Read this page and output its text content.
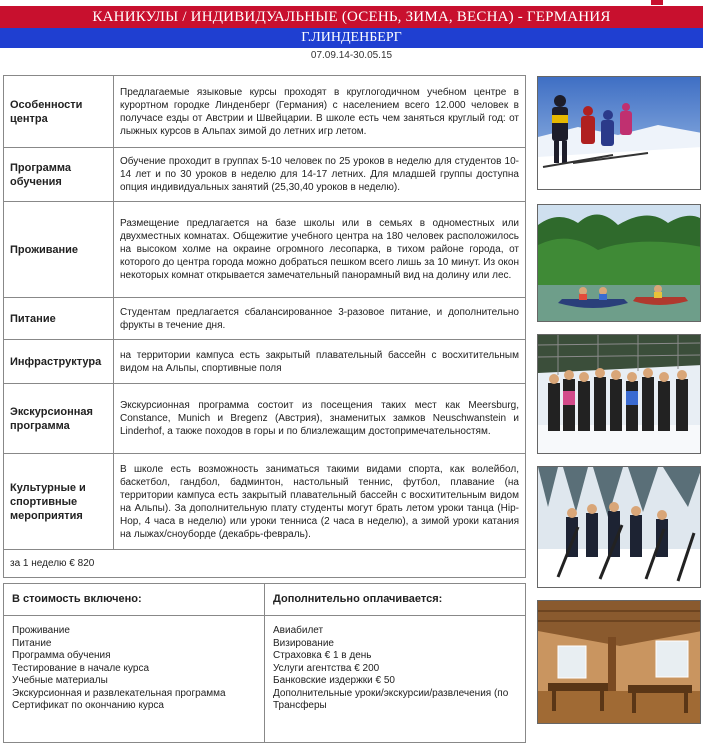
КАНИКУЛЫ / ИНДИВИДУАЛЬНЫЕ (ОСЕНЬ, ЗИМА, ВЕСНА) - ГЕРМАНИЯ
Г.ЛИНДЕНБЕРГ
07.09.14-30.05.15
Особенности центра	Предлагаемые языковые курсы проходят в круглогодичном учебном центре в курортном городке Линденберг (Германия) с населением всего 12.000 человек в получасе езды от Австрии и Швейцарии. В школе есть чем заняться круглый год: от лыжных курсов в Альпах зимой до летних игр летом.
Программа обучения	Обучение проходит в группах 5-10 человек по 25 уроков в неделю для студентов 10-14 лет и по 30 уроков в неделю для 14-17 летних. Для младшей группы доступна опция индивидуальных занятий (25,30,40 уроков в неделю).
Проживание	Размещение предлагается на базе школы или в семьях в одноместных или двухместных комнатах. Общежитие учебного центра на 180 человек расположилось на высоком холме на окраине огромного лесопарка, в тихом районе города, от которого до центра города можно добраться пешком всего лишь за 10 минут. Из окон некоторых комнат открывается замечательный панорамный вид на долину или лес.
Питание	Студентам предлагается сбалансированное 3-разовое питание, и дополнительно фрукты в течение дня.
Инфраструктура	на территории кампуса есть закрытый плавательный бассейн с восхитительным видом на Альпы, спортивные поля
Экскурсионная программа	Экскурсионная программа состоит из посещения таких мест как Meersburg, Constance, Munich и Bregenz (Австрия), знаменитых замков Neuschwanstein и Linderhof, а также походов в горы и по близлежащим достопримечательностям.
Культурные и спортивные мероприятия	В школе есть возможность заниматься такими видами спорта, как волейбол, баскетбол, гандбол, бадминтон, настольный теннис, футбол, плавание (на территории кампуса есть закрытый плавательный бассейн с восхитительным видом на Альпы). За дополнительную плату студенты могут брать летом уроки танца (Hip-Hop, 4 часа в неделю) или уроки тенниса (2 часа в неделю), а зимой уроки катания на лыжах/сноуборде (декабрь-февраль).
за 1 неделю € 820	
В стоимость включено:
Проживание
Питание
Программа обучения
Тестирование в начале курса
Учебные материалы
Экскурсионная и развлекательная программа
Сертификат по окончанию курса
Дополнительно оплачивается:
Авиабилет
Визирование
Страховка € 1 в день
Услуги агентства € 200
Банковские издержки € 50
Дополнительные уроки/экскурсии/развлечения (по
Трансферы
